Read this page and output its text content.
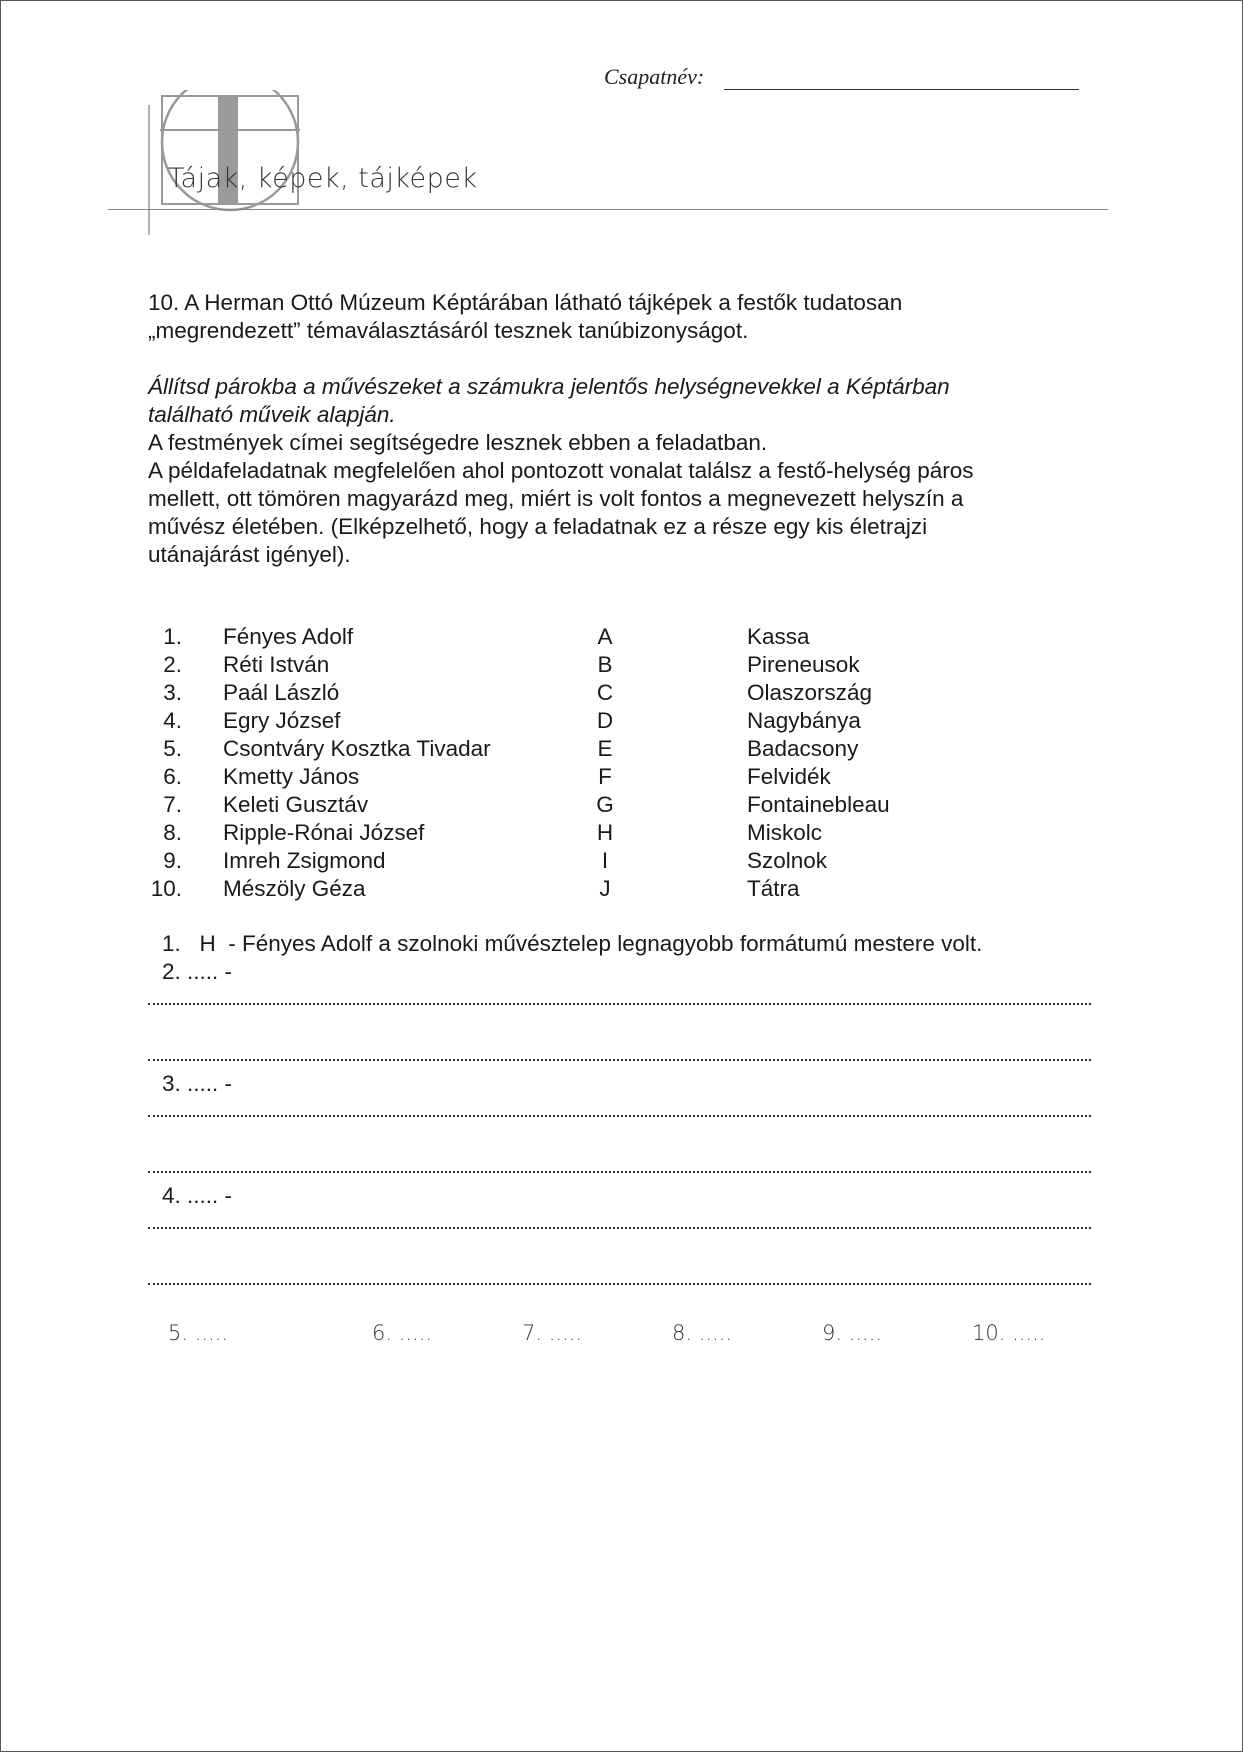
Csapatnév:
Tájak, képek, tájképek

10. A Herman Ottó Múzeum Képtárában látható tájképek a festők tudatosan

„megrendezett” témaválasztásáról tesznek tanúbizonyságot.

Állítsd párokba a művészeket a számukra jelentős helységnevekkel a Képtárban

található műveik alapján.

A festmények címei segítségedre lesznek ebben a feladatban.

A példafeladatnak megfelelően ahol pontozott vonalat találsz a festő-helység páros

mellett, ott tömören magyarázd meg, miért is volt fontos a megnevezett helyszín a

művész életében. (Elképzelhető, hogy a feladatnak ez a része egy kis életrajzi

utánajárást igényel).

1. Fényes Adolf	A	Kassa
2. Réti István	B	Pireneusok
3. Paál László	C	Olaszország
4. Egry József	D	Nagybánya
5. Csontváry Kosztka Tivadar	E	Badacsony
6. Kmetty János	F	Felvidék
7. Keleti Gusztáv	G	Fontainebleau
8. Ripple-Rónai József	H	Miskolc
9. Imreh Zsigmond	I	Szolnok
10. Mészöly Géza	J	Tátra
1.   H  - Fényes Adolf a szolnoki művésztelep legnagyobb formátumú mestere volt.
2. ..... -
3. ..... -
4. ..... -
5. .....	6. .....	7. .....	8. .....	9. .....	10. .....
